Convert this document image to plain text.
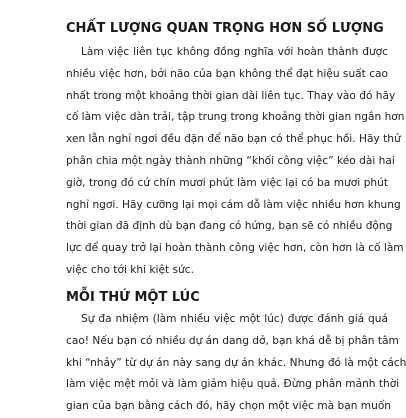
CHẤT LƯỢNG QUAN TRỌNG HƠN SỐ LƯỢNG
Làm việc liên tục không đồng nghĩa với hoàn thành được
nhiều việc hơn, bởi não của bạn không thể đạt hiệu suất cao
nhất trong một khoảng thời gian dài liên tục. Thay vào đó hãy
cố làm việc dàn trải, tập trung trong khoảng thời gian ngắn hơn
xen lẫn nghỉ ngơi đều đặn để não bạn có thể phục hồi. Hãy thử
phân chia một ngày thành những “khối công việc” kéo dài hai
giờ, trong đó cứ chín mươi phút làm việc lại có ba mươi phút
nghỉ ngơi. Hãy cưỡng lại mọi cám dỗ làm việc nhiều hơn khung
thời gian đã định dù bạn đang có hứng, bạn sẽ có nhiều động
lực để quay trở lại hoàn thành công việc hơn, còn hơn là cố làm
việc cho tới khi kiệt sức.
MỖI THỨ MỘT LÚC
Sự đa nhiệm (làm nhiều việc một lúc) được đánh giá quá
cao! Nếu bạn có nhiều dự án dang dở, bạn khá dễ bị phân tâm
khi “nhảy” từ dự án này sang dự án khác. Nhưng đó là một cách
làm việc mệt mỏi và làm giảm hiệu quả. Đừng phân mảnh thời
gian của bạn bằng cách đó, hãy chọn một việc mà bạn muốn
